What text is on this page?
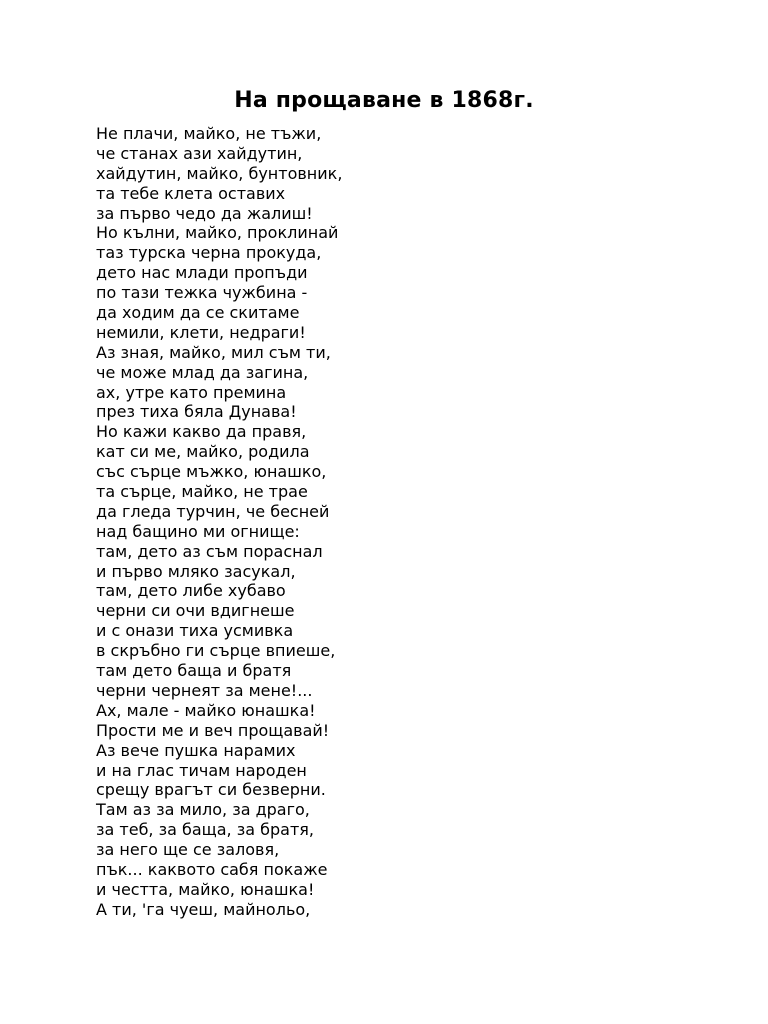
На прощаване в 1868г.
Не плачи, майко, не тъжи,
че станах ази хайдутин,
хайдутин, майко, бунтовник,
та тебе клета оставих
за първо чедо да жалиш!
Но кълни, майко, проклинай
таз турска черна прокуда,
дето нас млади пропъди
по тази тежка чужбина -
да ходим да се скитаме
немили, клети, недраги!
Аз зная, майко, мил съм ти,
че може млад да загина,
ах, утре като премина
през тиха бяла Дунава!
Но кажи какво да правя,
кат си ме, майко, родила
със сърце мъжко, юнашко,
та сърце, майко, не трае
да гледа турчин, че бесней
над бащино ми огнище:
там, дето аз съм пораснал
и първо мляко засукал,
там, дето либе хубаво
черни си очи вдигнеше
и с онази тиха усмивка
в скръбно ги сърце впиеше,
там дето баща и братя
черни чернеят за мене!...
Ах, мале - майко юнашка!
Прости ме и веч прощавай!
Аз вече пушка нарамих
и на глас тичам народен
срещу врагът си безверни.
Там аз за мило, за драго,
за теб, за баща, за братя,
за него ще се заловя,
пък... каквото сабя покаже
и честта, майко, юнашка!
А ти, 'га чуеш, майнольо,
